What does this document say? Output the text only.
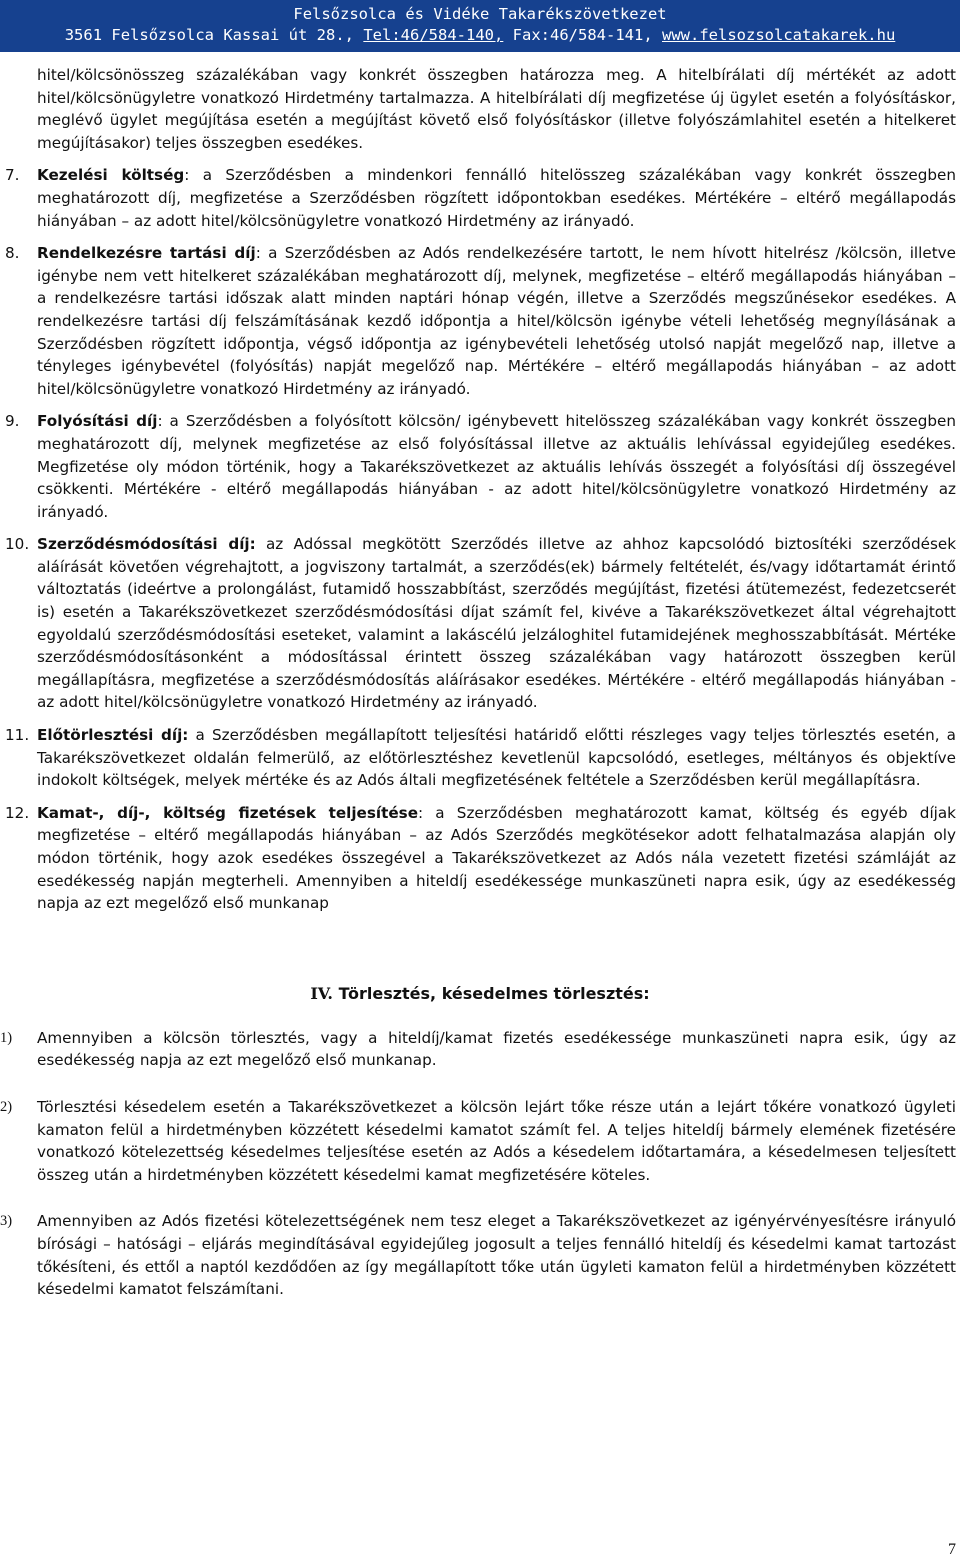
Felsőzsolca és Vidéke Takarékszövetkezet
3561 Felsőzsolca Kassai út 28., Tel:46/584-140, Fax:46/584-141, www.felsozsolcatakarek.hu

hitel/kölcsönösszeg százalékában vagy konkrét összegben határozza meg. A hitelbírálati díj mértékét az adott hitel/kölcsönügyletre vonatkozó Hirdetmény tartalmazza. A hitelbírálati díj megfizetése új ügylet esetén a folyósításkor, meglévő ügylet megújítása esetén a megújítást követő első folyósításkor (illetve folyószámlahitel esetén a hitelkeret megújításakor) teljes összegben esedékes.

7.	Kezelési költség: a Szerződésben a mindenkori fennálló hitelösszeg százalékában vagy konkrét összegben meghatározott díj, megfizetése a Szerződésben rögzített időpontokban esedékes. Mértékére – eltérő megállapodás hiányában – az adott hitel/kölcsönügyletre vonatkozó Hirdetmény az irányadó.

8.	Rendelkezésre tartási díj: a Szerződésben az Adós rendelkezésére tartott, le nem hívott hitelrész /kölcsön, illetve igénybe nem vett hitelkeret százalékában meghatározott díj, melynek, megfizetése – eltérő megállapodás hiányában – a rendelkezésre tartási időszak alatt minden naptári hónap végén, illetve a Szerződés megszűnésekor esedékes. A rendelkezésre tartási díj felszámításának kezdő időpontja a hitel/kölcsön igénybe vételi lehetőség megnyílásának a Szerződésben rögzített időpontja, végső időpontja az igénybevételi lehetőség utolsó napját megelőző nap, illetve a tényleges igénybevétel (folyósítás) napját megelőző nap. Mértékére – eltérő megállapodás hiányában – az adott hitel/kölcsönügyletre vonatkozó Hirdetmény az irányadó.

9.	Folyósítási díj: a Szerződésben a folyósított kölcsön/ igénybevett hitelösszeg százalékában vagy konkrét összegben meghatározott díj, melynek megfizetése az első folyósítással illetve az aktuális lehívással egyidejűleg esedékes. Megfizetése oly módon történik, hogy a Takarékszövetkezet az aktuális lehívás összegét a folyósítási díj összegével csökkenti. Mértékére - eltérő megállapodás hiányában - az adott hitel/kölcsönügyletre vonatkozó Hirdetmény az irányadó.

10. Szerződésmódosítási díj: az Adóssal megkötött Szerződés illetve az ahhoz kapcsolódó biztosítéki szerződések aláírását követően végrehajtott, a jogviszony tartalmát, a szerződés(ek) bármely feltételét, és/vagy időtartamát érintő változtatás (ideértve a prolongálást, futamidő hosszabbítást, szerződés megújítást, fizetési átütemezést, fedezetcserét is) esetén a Takarékszövetkezet szerződésmódosítási díjat számít fel, kivéve a Takarékszövetkezet által végrehajtott egyoldalú szerződésmódosítási eseteket, valamint a lakáscélú jelzáloghitel futamidejének meghosszabbítását. Mértéke szerződésmódosításonként a módosítással érintett összeg százalékában vagy határozott összegben kerül megállapításra, megfizetése a szerződésmódosítás aláírásakor esedékes. Mértékére - eltérő megállapodás hiányában - az adott hitel/kölcsönügyletre vonatkozó Hirdetmény az irányadó.

11. Előtörlesztési díj: a Szerződésben megállapított teljesítési határidő előtti részleges vagy teljes törlesztés esetén, a Takarékszövetkezet oldalán felmerülő, az előtörlesztéshez kevetlenül kapcsolódó, esetleges, méltányos és objektíve indokolt költségek, melyek mértéke és az Adós általi megfizetésének feltétele a Szerződésben kerül megállapításra.

12. Kamat-, díj-, költség fizetések teljesítése: a Szerződésben meghatározott kamat, költség és egyéb díjak megfizetése – eltérő megállapodás hiányában – az Adós Szerződés megkötésekor adott felhatalmazása alapján oly módon történik, hogy azok esedékes összegével a Takarékszövetkezet az Adós nála vezetett fizetési számláját az esedékesség napján megterheli. Amennyiben a hiteldíj esedékessége munkaszüneti napra esik, úgy az esedékesség napja az ezt megelőző első munkanap

IV. Törlesztés, késedelmes törlesztés:
1)	Amennyiben a kölcsön törlesztés, vagy a hiteldíj/kamat fizetés esedékessége munkaszüneti napra esik, úgy az esedékesség napja az ezt megelőző első munkanap.

2)	Törlesztési késedelem esetén a Takarékszövetkezet a kölcsön lejárt tőke része után a lejárt tőkére vonatkozó ügyleti kamaton felül a hirdetményben közzétett késedelmi kamatot számít fel. A teljes hiteldíj bármely elemének fizetésére vonatkozó kötelezettség késedelmes teljesítése esetén az Adós a késedelem időtartamára, a késedelmesen teljesített összeg után a hirdetményben közzétett késedelmi kamat megfizetésére köteles.

3)	Amennyiben az Adós fizetési kötelezettségének nem tesz eleget a Takarékszövetkezet az igényérvényesítésre irányuló bírósági – hatósági – eljárás megindításával egyidejűleg jogosult a teljes fennálló hiteldíj és késedelmi kamat tartozást tőkésíteni, és ettől a naptól kezdődően az így megállapított tőke után ügyleti kamaton felül a hirdetményben közzétett késedelmi kamatot felszámítani.

7
